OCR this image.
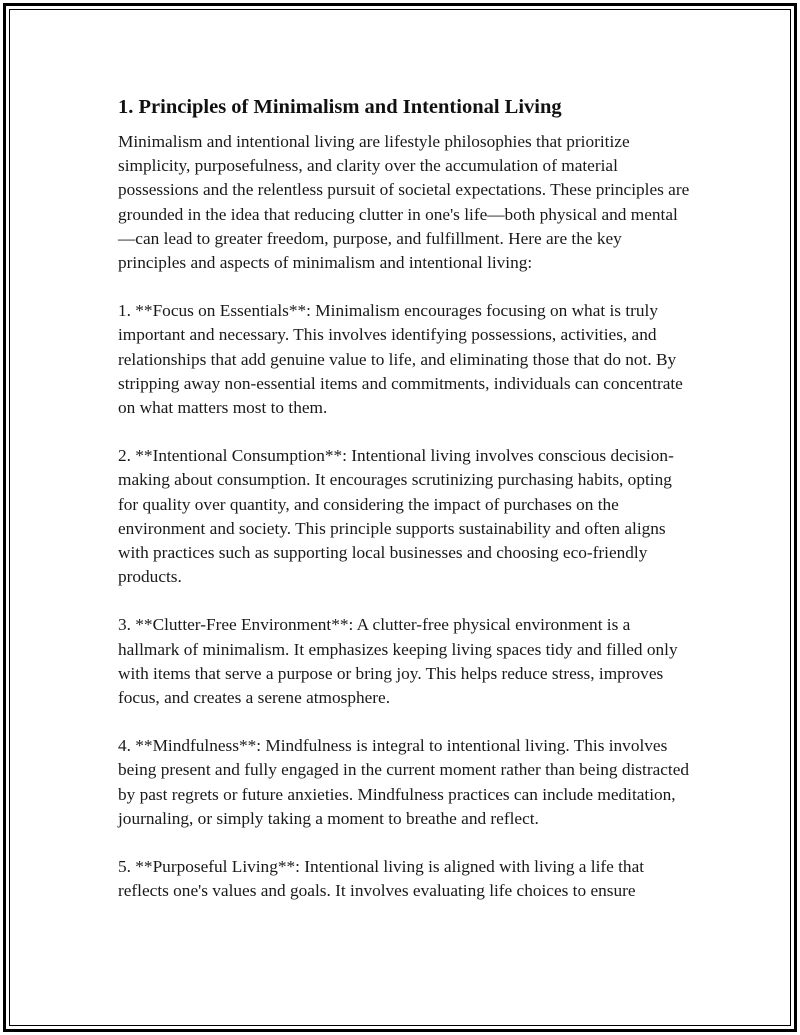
1. Principles of Minimalism and Intentional Living

Minimalism and intentional living are lifestyle philosophies that prioritize simplicity, purposefulness, and clarity over the accumulation of material possessions and the relentless pursuit of societal expectations. These principles are grounded in the idea that reducing clutter in one's life—both physical and mental—can lead to greater freedom, purpose, and fulfillment. Here are the key principles and aspects of minimalism and intentional living:

1. **Focus on Essentials**: Minimalism encourages focusing on what is truly important and necessary. This involves identifying possessions, activities, and relationships that add genuine value to life, and eliminating those that do not. By stripping away non-essential items and commitments, individuals can concentrate on what matters most to them.

2. **Intentional Consumption**: Intentional living involves conscious decision-making about consumption. It encourages scrutinizing purchasing habits, opting for quality over quantity, and considering the impact of purchases on the environment and society. This principle supports sustainability and often aligns with practices such as supporting local businesses and choosing eco-friendly products.

3. **Clutter-Free Environment**: A clutter-free physical environment is a hallmark of minimalism. It emphasizes keeping living spaces tidy and filled only with items that serve a purpose or bring joy. This helps reduce stress, improves focus, and creates a serene atmosphere.

4. **Mindfulness**: Mindfulness is integral to intentional living. This involves being present and fully engaged in the current moment rather than being distracted by past regrets or future anxieties. Mindfulness practices can include meditation, journaling, or simply taking a moment to breathe and reflect.

5. **Purposeful Living**: Intentional living is aligned with living a life that reflects one's values and goals. It involves evaluating life choices to ensure
